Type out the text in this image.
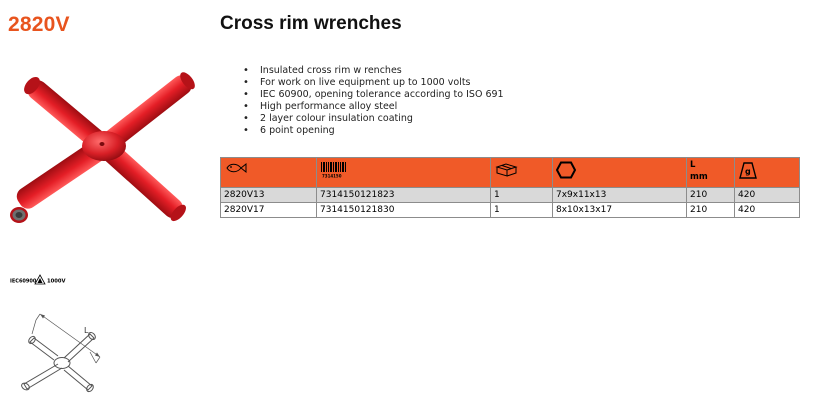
2820V	Cross rim wrenches
IEC60900 1000V
L
• Insulated cross rim w renches
• For work on live equipment up to 1000 volts
• IEC 60900, opening tolerance according to ISO 691
• High performance alloy steel
• 2 layer colour insulation coating
• 6 point opening

7314150			L
mm	g

2820V13	7314150121823	1	7x9x11x13	210	420
2820V17	7314150121830	1	8x10x13x17	210	420
